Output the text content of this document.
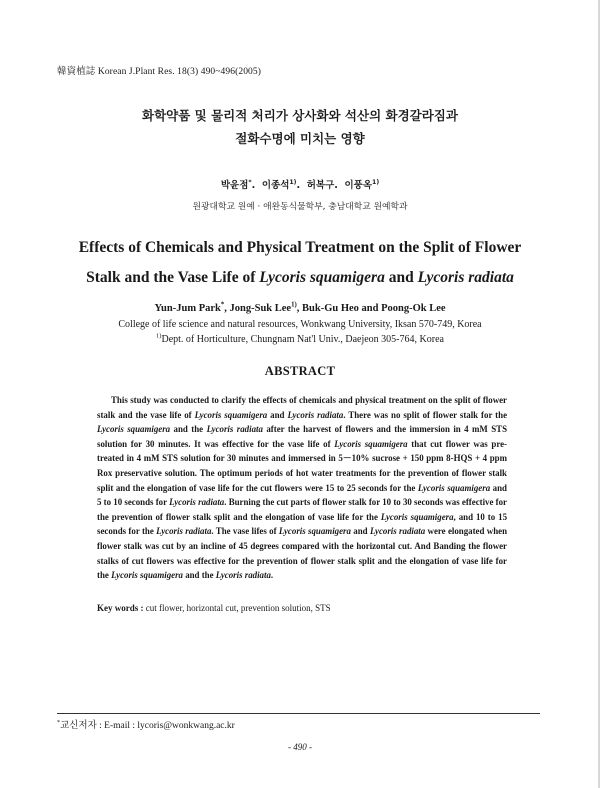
韓資植誌 Korean J.Plant Res. 18(3) 490~496(2005)
화학약품 및 물리적 처리가 상사화와 석산의 화경갈라짐과
절화수명에 미치는 영향
박윤점*.  이종석$^{1)}$.  허복구.  이풍옥$^{1)}$
원광대학교 원예 · 애완동식물학부, 충남대학교 원예학과
Effects of Chemicals and Physical Treatment on the Split of Flower
Stalk and the Vase Life of Lycoris squamigera and Lycoris radiata
Yun-Jum Park*, Jong-Suk Lee$^{1)}$, Buk-Gu Heo and Poong-Ok Lee
College of life science and natural resources, Wonkwang University, Iksan 570-749, Korea
$^{1)}$Dept. of Horticulture, Chungnam Nat'l Univ., Daejeon 305-764, Korea
ABSTRACT
This study was conducted to clarify the effects of chemicals and physical treatment on the split of flower stalk and the vase life of Lycoris squamigera and Lycoris radiata. There was no split of flower stalk for the Lycoris squamigera and the Lycoris radiata after the harvest of flowers and the immersion in 4 mM STS solution for 30 minutes. It was effective for the vase life of Lycoris squamigera that cut flower was pre-treated in 4 mM STS solution for 30 minutes and immersed in 5－10% sucrose + 150 ppm 8-HQS + 4 ppm Rox preservative solution. The optimum periods of hot water treatments for the prevention of flower stalk split and the elongation of vase life for the cut flowers were 15 to 25 seconds for the Lycoris squamigera and 5 to 10 seconds for Lycoris radiata. Burning the cut parts of flower stalk for 10 to 30 seconds was effective for the prevention of flower stalk split and the elongation of vase life for the Lycoris squamigera, and 10 to 15 seconds for the Lycoris radiata. The vase lifes of Lycoris squamigera and Lycoris radiata were elongated when flower stalk was cut by an incline of 45 degrees compared with the horizontal cut. And Banding the flower stalks of cut flowers was effective for the prevention of flower stalk split and the elongation of vase life for the Lycoris squamigera and the Lycoris radiata.
Key words : cut flower, horizontal cut, prevention solution, STS
*교신저자 : E-mail : lycoris@wonkwang.ac.kr
- 490 -
